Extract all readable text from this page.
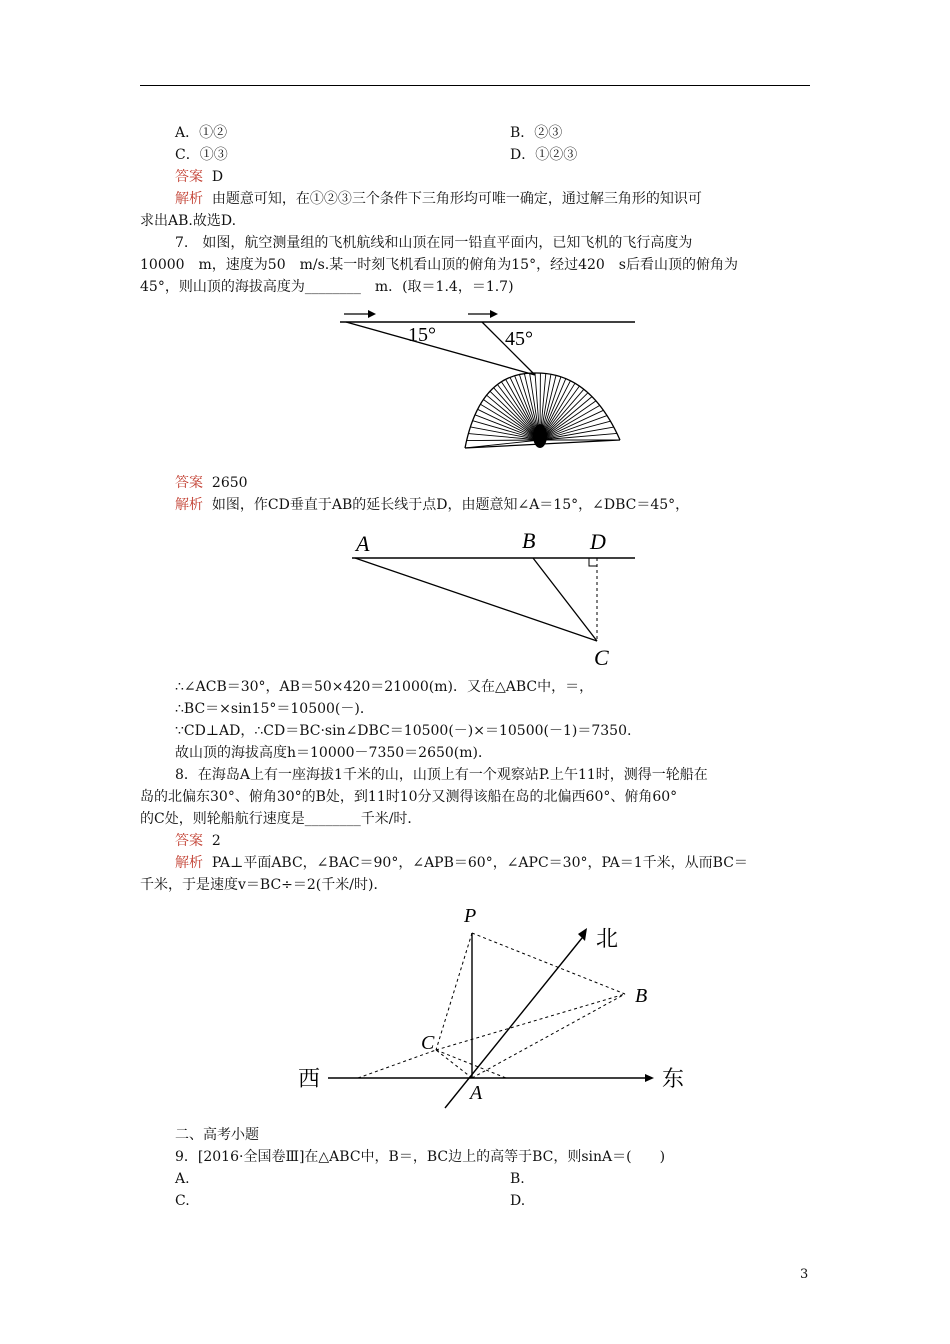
A．①②	B．②③
C．①③	D．①②③
答案 D
解析 由题意可知，在①②③三个条件下三角形均可唯一确定，通过解三角形的知识可
求出AB.故选D.
7.　如图，航空测量组的飞机航线和山顶在同一铅直平面内，已知飞机的飞行高度为
10000　m，速度为50　m/s.某一时刻飞机看山顶的俯角为15°，经过420　s后看山顶的俯角为
45°，则山顶的海拔高度为________　m．(取＝1.4，＝1.7)
15°	45°
答案 2650
解析 如图，作CD垂直于AB的延长线于点D，由题意知∠A＝15°，∠DBC＝45°，
A	B D
C
∴∠ACB＝30°，AB＝50×420＝21000(m)．又在△ABC中，＝，
∴BC＝×sin15°＝10500(－)．
∵CD⊥AD，∴CD＝BC·sin∠DBC＝10500(－)×＝10500(－1)＝7350.
故山顶的海拔高度h＝10000－7350＝2650(m)．
8．在海岛A上有一座海拔1千米的山，山顶上有一个观察站P.上午11时，测得一轮船在
岛的北偏东30°、俯角30°的B处，到11时10分又测得该船在岛的北偏西60°、俯角60°
的C处，则轮船航行速度是________千米/时．
答案 2
解析 PA⊥平面ABC，∠BAC＝90°，∠APB＝60°，∠APC＝30°，PA＝1千米，从而BC＝
千米，于是速度v＝BC÷＝2(千米/时)．
P
B
C
A
北
西	东
二、高考小题
9．[2016·全国卷Ⅲ]在△ABC中，B＝，BC边上的高等于BC，则sinA＝(　　)
A.	B.
C.	D.
3
